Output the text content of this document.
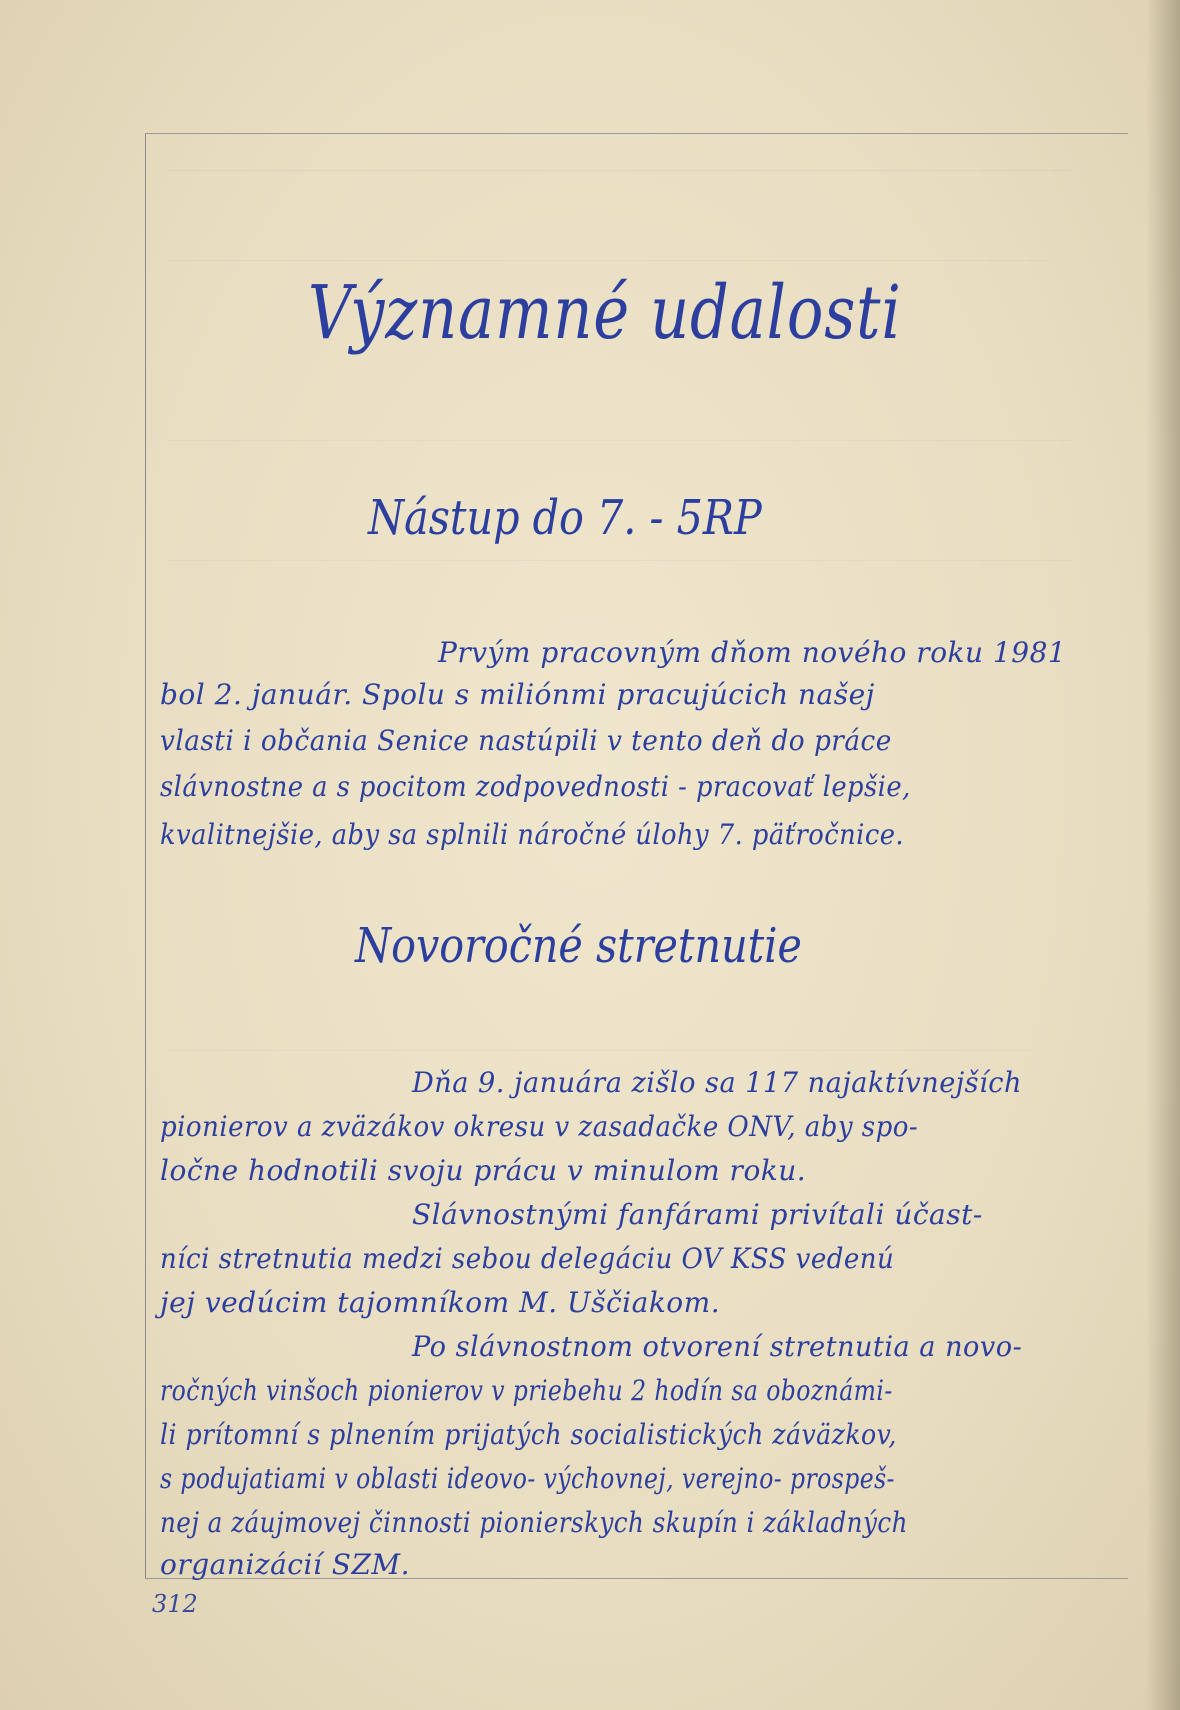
Významné udalosti
Nástup do 7. - 5RP
Prvým pracovným dňom nového roku 1981
bol 2. január. Spolu s miliónmi pracujúcich našej
vlasti i občania Senice nastúpili v tento deň do práce
slávnostne a s pocitom zodpovednosti - pracovať lepšie,
kvalitnejšie, aby sa splnili náročné úlohy 7. päťročnice.
Novoročné stretnutie
Dňa 9. januára zišlo sa 117 najaktívnejších
pionierov a zväzákov okresu v zasadačke ONV, aby spo-
ločne hodnotili svoju prácu v minulom roku.
Slávnostnými fanfárami privítali účast-
níci stretnutia medzi sebou delegáciu OV KSS vedenú
jej vedúcim tajomníkom M. Uščiakom.
Po slávnostnom otvorení stretnutia a novo-
ročných vinšoch pionierov v priebehu 2 hodín sa oboznámi-
li prítomní s plnením prijatých socialistických záväzkov,
s podujatiami v oblasti ideovo- výchovnej, verejno- prospeš-
nej a záujmovej činnosti pionierskych skupín i základných
organizácií SZM.
312
